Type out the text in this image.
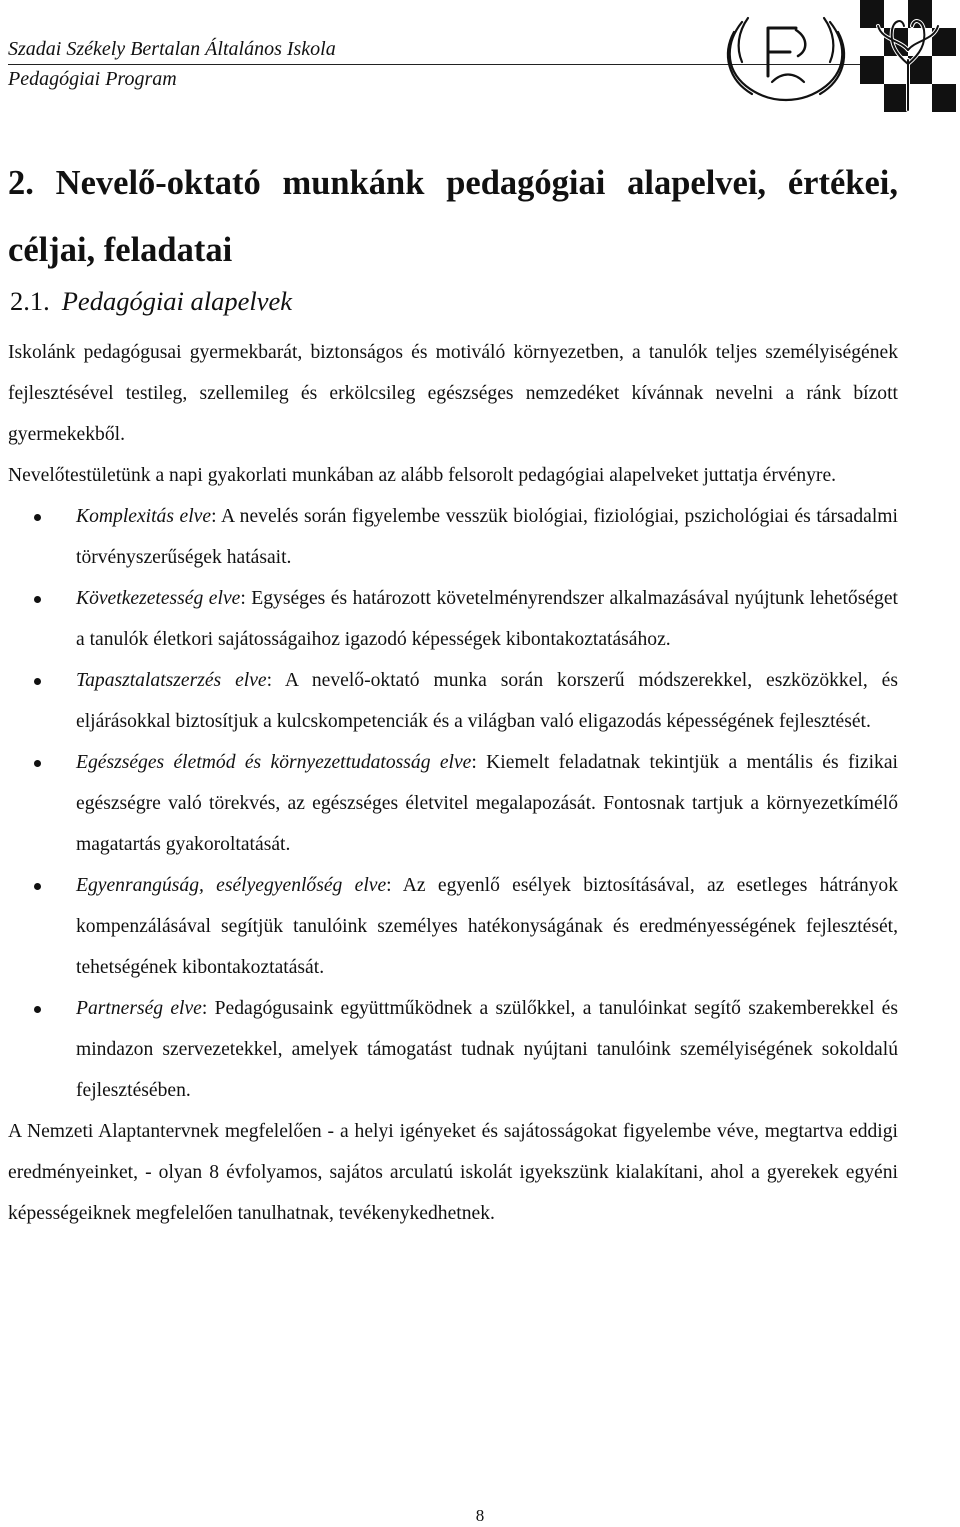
Szadai Székely Bertalan Általános Iskola
Pedagógiai Program
2. Nevelő-oktató munkánk pedagógiai alapelvei, értékei, céljai, feladatai
2.1. Pedagógiai alapelvek

Iskolánk pedagógusai gyermekbarát, biztonságos és motiváló környezetben, a tanulók teljes személyiségének fejlesztésével testileg, szellemileg és erkölcsileg egészséges nemzedéket kívánnak nevelni a ránk bízott gyermekekből.

Nevelőtestületünk a napi gyakorlati munkában az alább felsorolt pedagógiai alapelveket juttatja érvényre.

Komplexitás elve: A nevelés során figyelembe vesszük biológiai, fiziológiai, pszichológiai és társadalmi törvényszerűségek hatásait.
Következetesség elve: Egységes és határozott követelményrendszer alkalmazásával nyújtunk lehetőséget a tanulók életkori sajátosságaihoz igazodó képességek kibontakoztatásához.
Tapasztalatszerzés elve: A nevelő-oktató munka során korszerű módszerekkel, eszközökkel, és eljárásokkal biztosítjuk a kulcskompetenciák és a világban való eligazodás képességének fejlesztését.
Egészséges életmód és környezettudatosság elve: Kiemelt feladatnak tekintjük a mentális és fizikai egészségre való törekvés, az egészséges életvitel megalapozását. Fontosnak tartjuk a környezetkímélő magatartás gyakoroltatását.
Egyenrangúság, esélyegyenlőség elve: Az egyenlő esélyek biztosításával, az esetleges hátrányok kompenzálásával segítjük tanulóink személyes hatékonyságának és eredményességének fejlesztését, tehetségének kibontakoztatását.
Partnerség elve: Pedagógusaink együttműködnek a szülőkkel, a tanulóinkat segítő szakemberekkel és mindazon szervezetekkel, amelyek támogatást tudnak nyújtani tanulóink személyiségének sokoldalú fejlesztésében.

A Nemzeti Alaptantervnek megfelelően - a helyi igényeket és sajátosságokat figyelembe véve, megtartva eddigi eredményeinket, - olyan 8 évfolyamos, sajátos arculatú iskolát igyekszünk kialakítani, ahol a gyerekek egyéni képességeiknek megfelelően tanulhatnak, tevékenykedhetnek.

8
